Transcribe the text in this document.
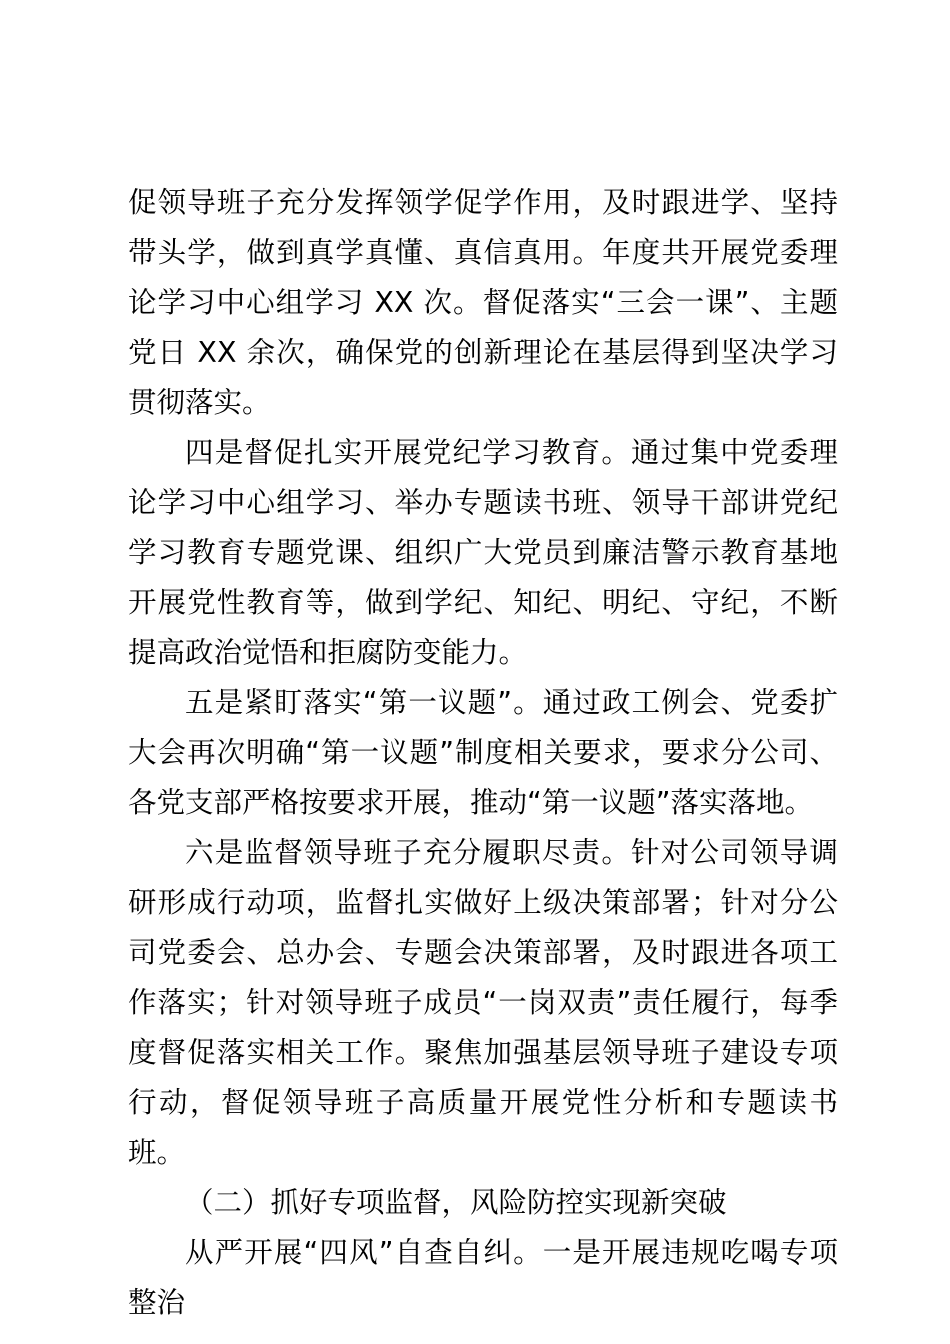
促领导班子充分发挥领学促学作用，及时跟进学、坚持带头学，做到真学真懂、真信真用。年度共开展党委理论学习中心组学习 XX 次。督促落实“三会一课”、主题党日 XX 余次，确保党的创新理论在基层得到坚决学习贯彻落实。

四是督促扎实开展党纪学习教育。通过集中党委理论学习中心组学习、举办专题读书班、领导干部讲党纪学习教育专题党课、组织广大党员到廉洁警示教育基地开展党性教育等，做到学纪、知纪、明纪、守纪，不断提高政治觉悟和拒腐防变能力。

五是紧盯落实“第一议题”。通过政工例会、党委扩大会再次明确“第一议题”制度相关要求，要求分公司、各党支部严格按要求开展，推动“第一议题”落实落地。

六是监督领导班子充分履职尽责。针对公司领导调研形成行动项，监督扎实做好上级决策部署；针对分公司党委会、总办会、专题会决策部署，及时跟进各项工作落实；针对领导班子成员“一岗双责”责任履行，每季度督促落实相关工作。聚焦加强基层领导班子建设专项行动，督促领导班子高质量开展党性分析和专题读书班。

（二）抓好专项监督，风险防控实现新突破

从严开展“四风”自查自纠。一是开展违规吃喝专项整治
